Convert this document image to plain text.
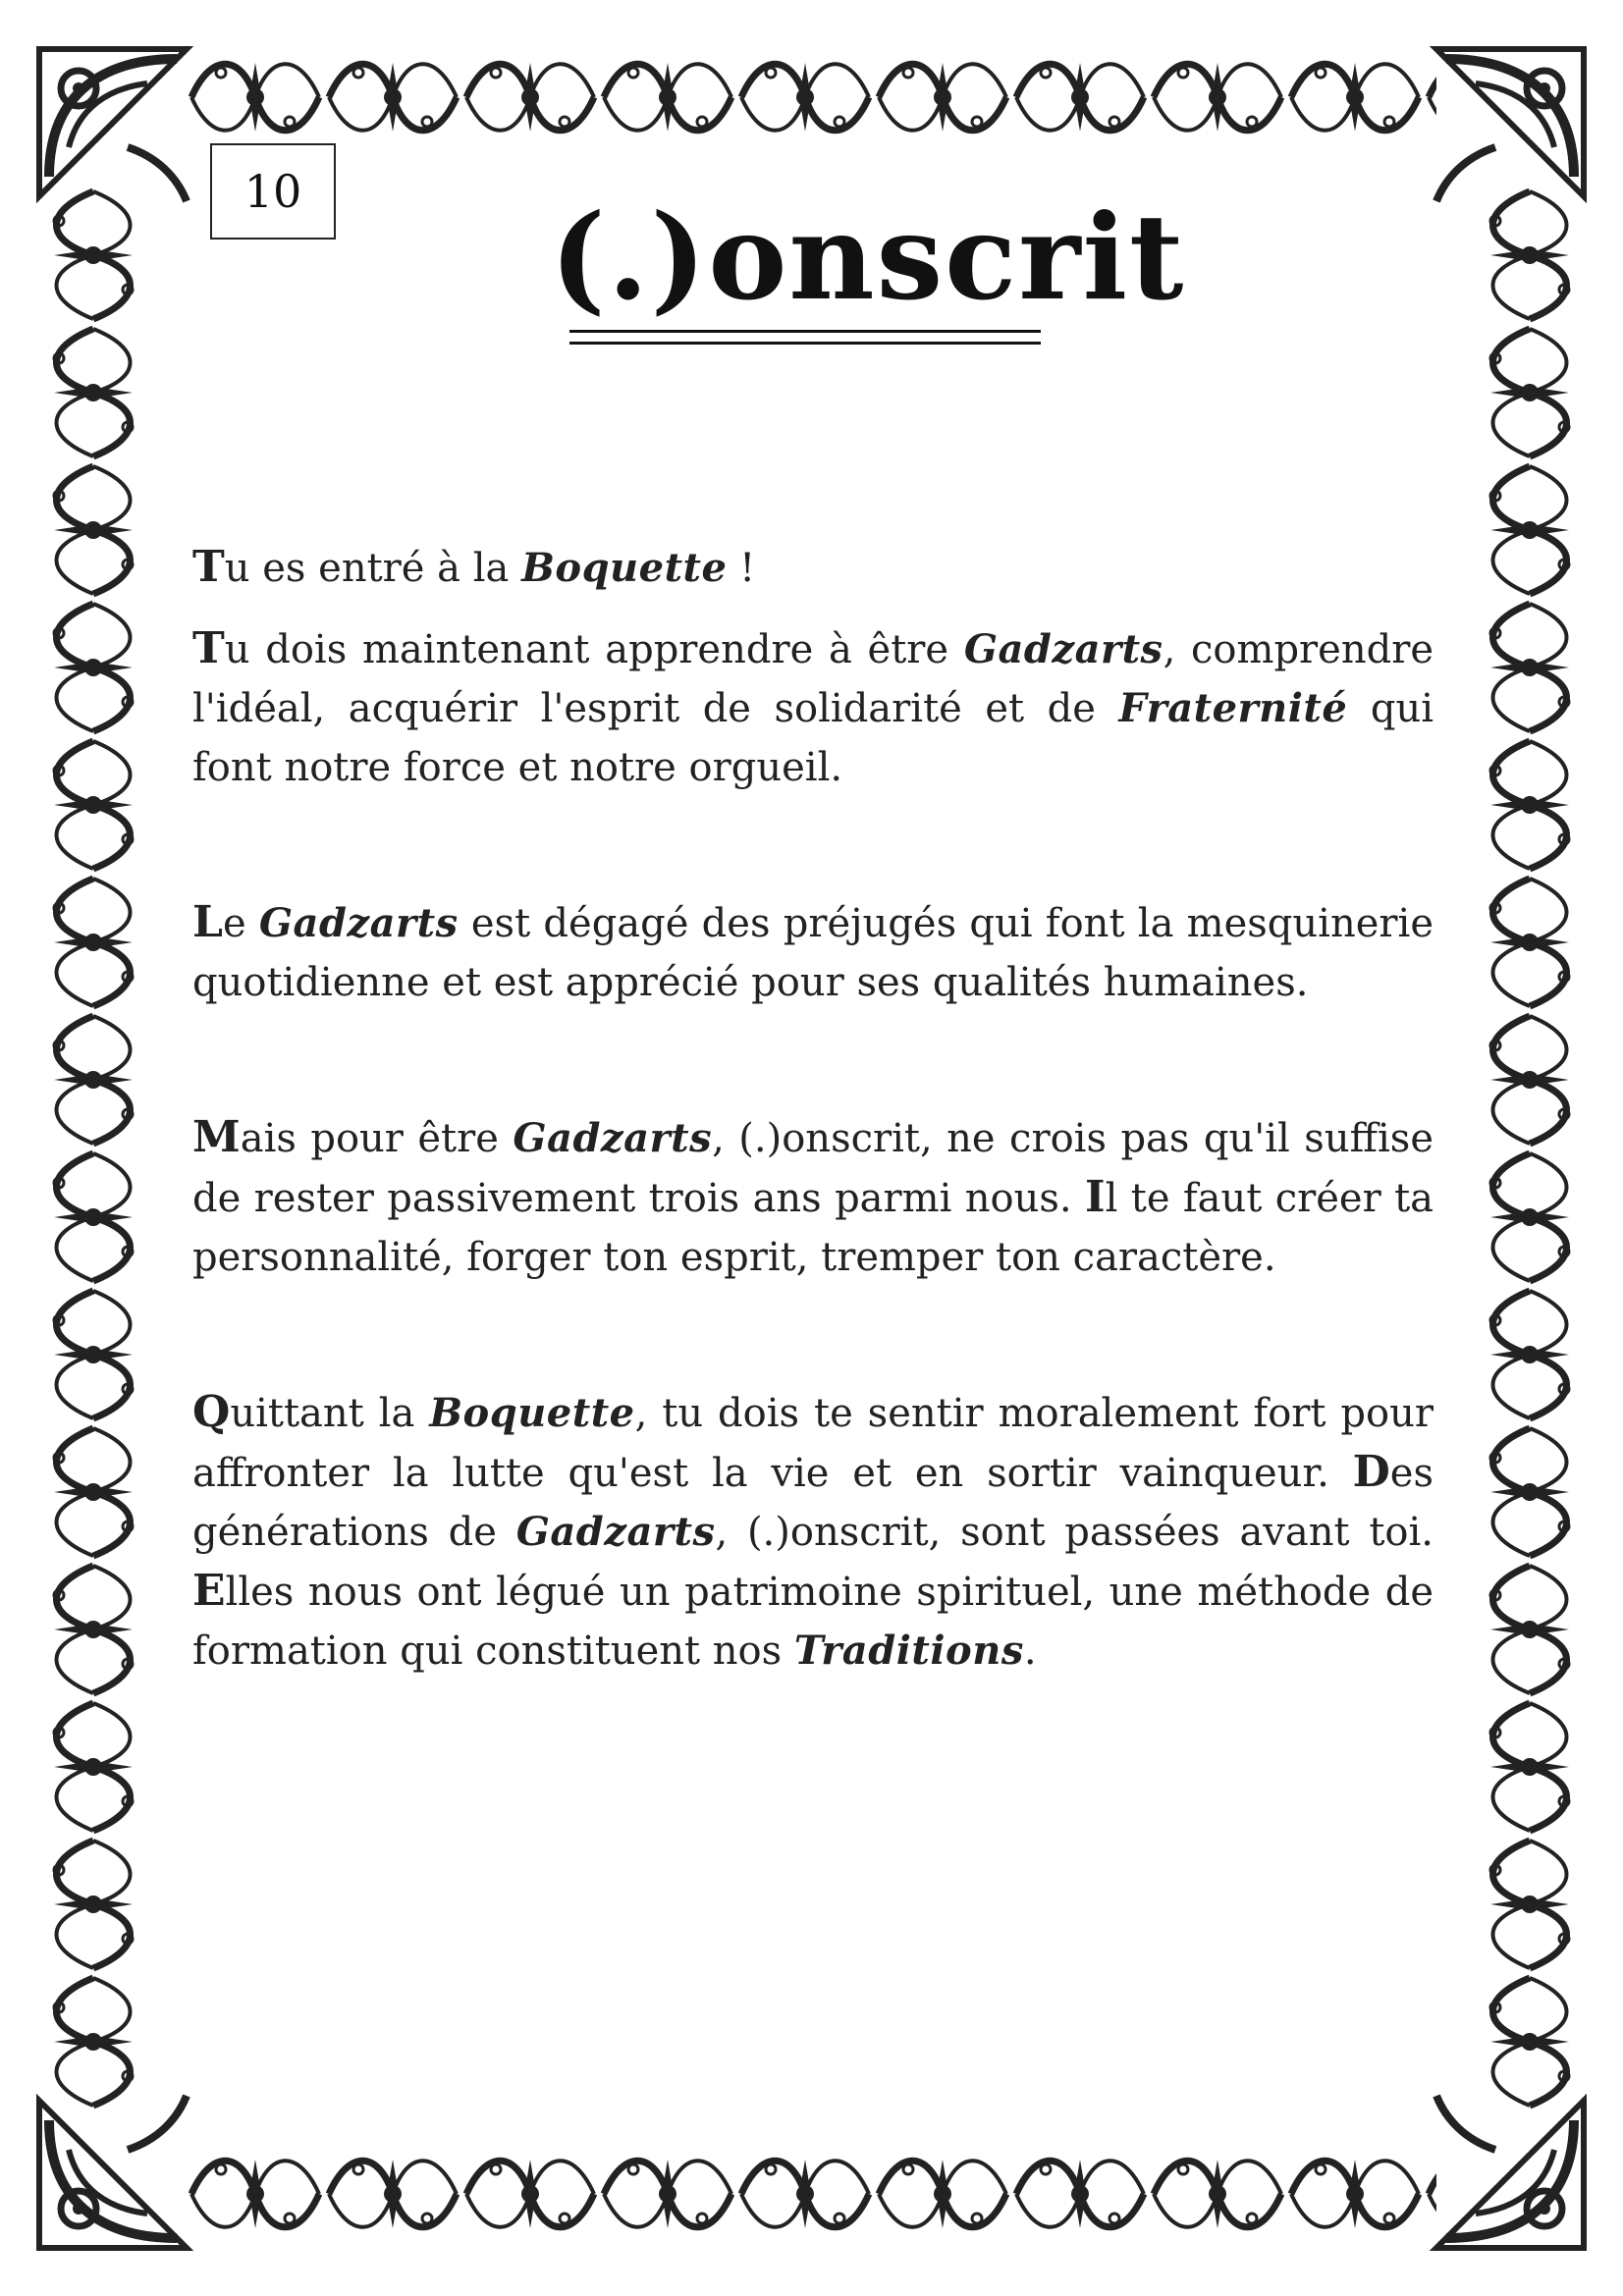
10 (.)onscrit

Tu es entré à la Boquette !

Tu dois maintenant apprendre à être Gadzarts, comprendre l'idéal, acquérir l'esprit de solidarité et de Fraternité qui font notre force et notre orgueil.

Le Gadzarts est dégagé des préjugés qui font la mesquinerie quotidienne et est apprécié pour ses qualités humaines.

Mais pour être Gadzarts, (.)onscrit, ne crois pas qu'il suffise de rester passivement trois ans parmi nous. Il te faut créer ta personnalité, forger ton esprit, tremper ton caractère.

Quittant la Boquette, tu dois te sentir moralement fort pour affronter la lutte qu'est la vie et en sortir vainqueur. Des générations de Gadzarts, (.)onscrit, sont passées avant toi. Elles nous ont légué un patrimoine spirituel, une méthode de formation qui constituent nos Traditions.
